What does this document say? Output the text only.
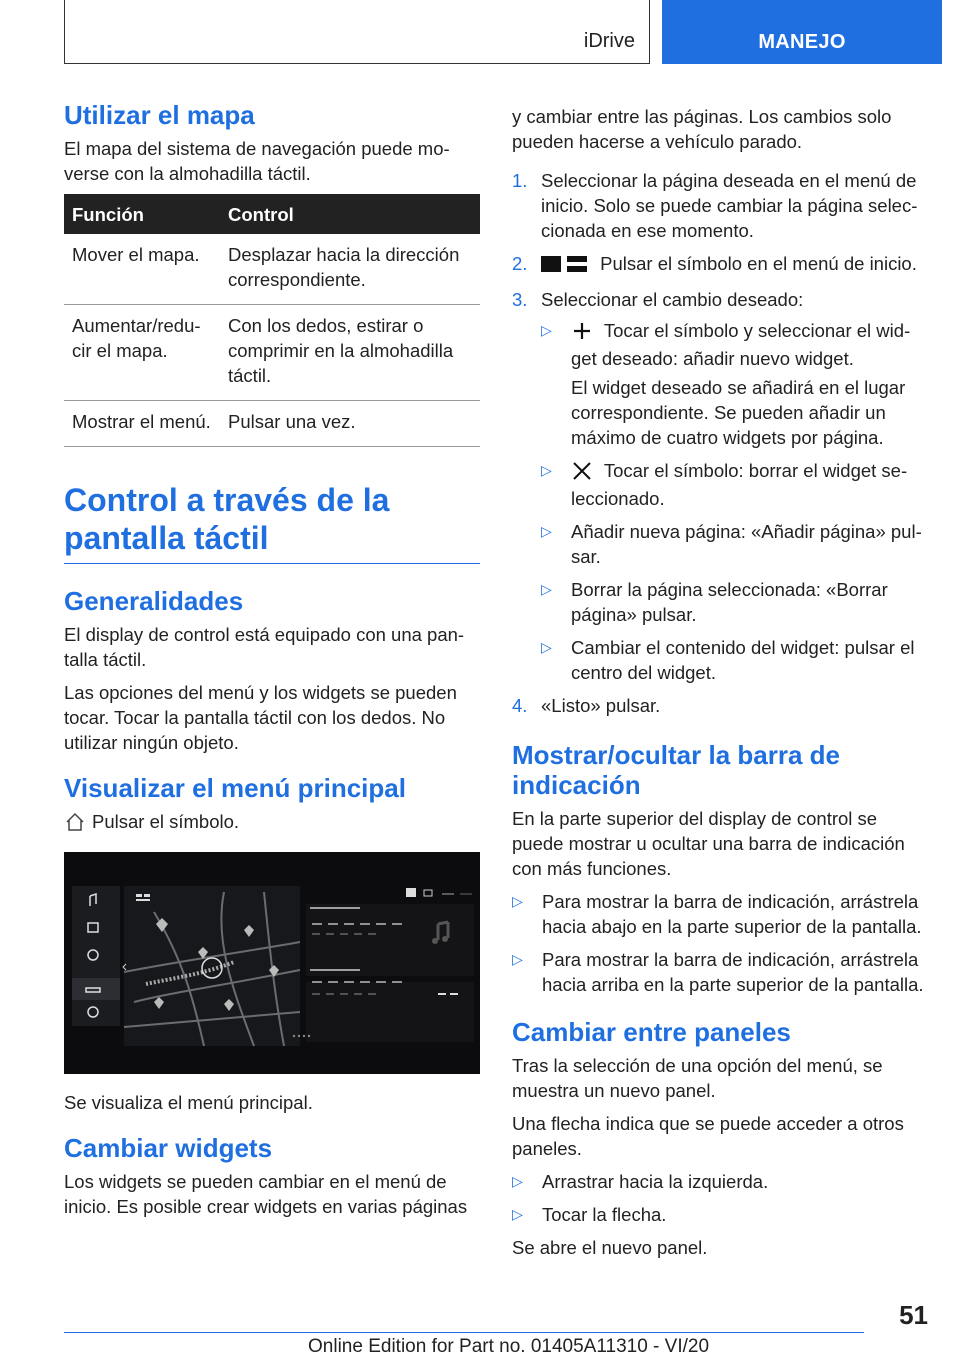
iDrive	MANEJO
Utilizar el mapa
El mapa del sistema de navegación puede moverse con la almohadilla táctil.
Función	Control
Mover el mapa.	Desplazar hacia la dirección correspondiente.
Aumentar/reducir el mapa.	Con los dedos, estirar o comprimir en la almohadilla táctil.
Mostrar el menú.	Pulsar una vez.
Control a través de la pantalla táctil
Generalidades
El display de control está equipado con una pantalla táctil.
Las opciones del menú y los widgets se pueden tocar. Tocar la pantalla táctil con los dedos. No utilizar ningún objeto.
Visualizar el menú principal
Pulsar el símbolo.
Se visualiza el menú principal.
Cambiar widgets
Los widgets se pueden cambiar en el menú de inicio. Es posible crear widgets en varias páginas
y cambiar entre las páginas. Los cambios solo pueden hacerse a vehículo parado.
1. Seleccionar la página deseada en el menú de inicio. Solo se puede cambiar la página seleccionada en ese momento.
2.	Pulsar el símbolo en el menú de inicio.
3. Seleccionar el cambio deseado:
▷	Tocar el símbolo y seleccionar el widget deseado: añadir nuevo widget.
El widget deseado se añadirá en el lugar correspondiente. Se pueden añadir un máximo de cuatro widgets por página.
▷	Tocar el símbolo: borrar el widget seleccionado.
▷ Añadir nueva página: «Añadir página» pulsar.
▷ Borrar la página seleccionada: «Borrar página» pulsar.
▷ Cambiar el contenido del widget: pulsar el centro del widget.
4. «Listo» pulsar.
Mostrar/ocultar la barra de indicación
En la parte superior del display de control se puede mostrar u ocultar una barra de indicación con más funciones.
▷ Para mostrar la barra de indicación, arrástrela hacia abajo en la parte superior de la pantalla.
▷ Para mostrar la barra de indicación, arrástrela hacia arriba en la parte superior de la pantalla.
Cambiar entre paneles
Tras la selección de una opción del menú, se muestra un nuevo panel.
Una flecha indica que se puede acceder a otros paneles.
▷ Arrastrar hacia la izquierda.
▷ Tocar la flecha.
Se abre el nuevo panel.
51
Online Edition for Part no. 01405A11310 - VI/20
